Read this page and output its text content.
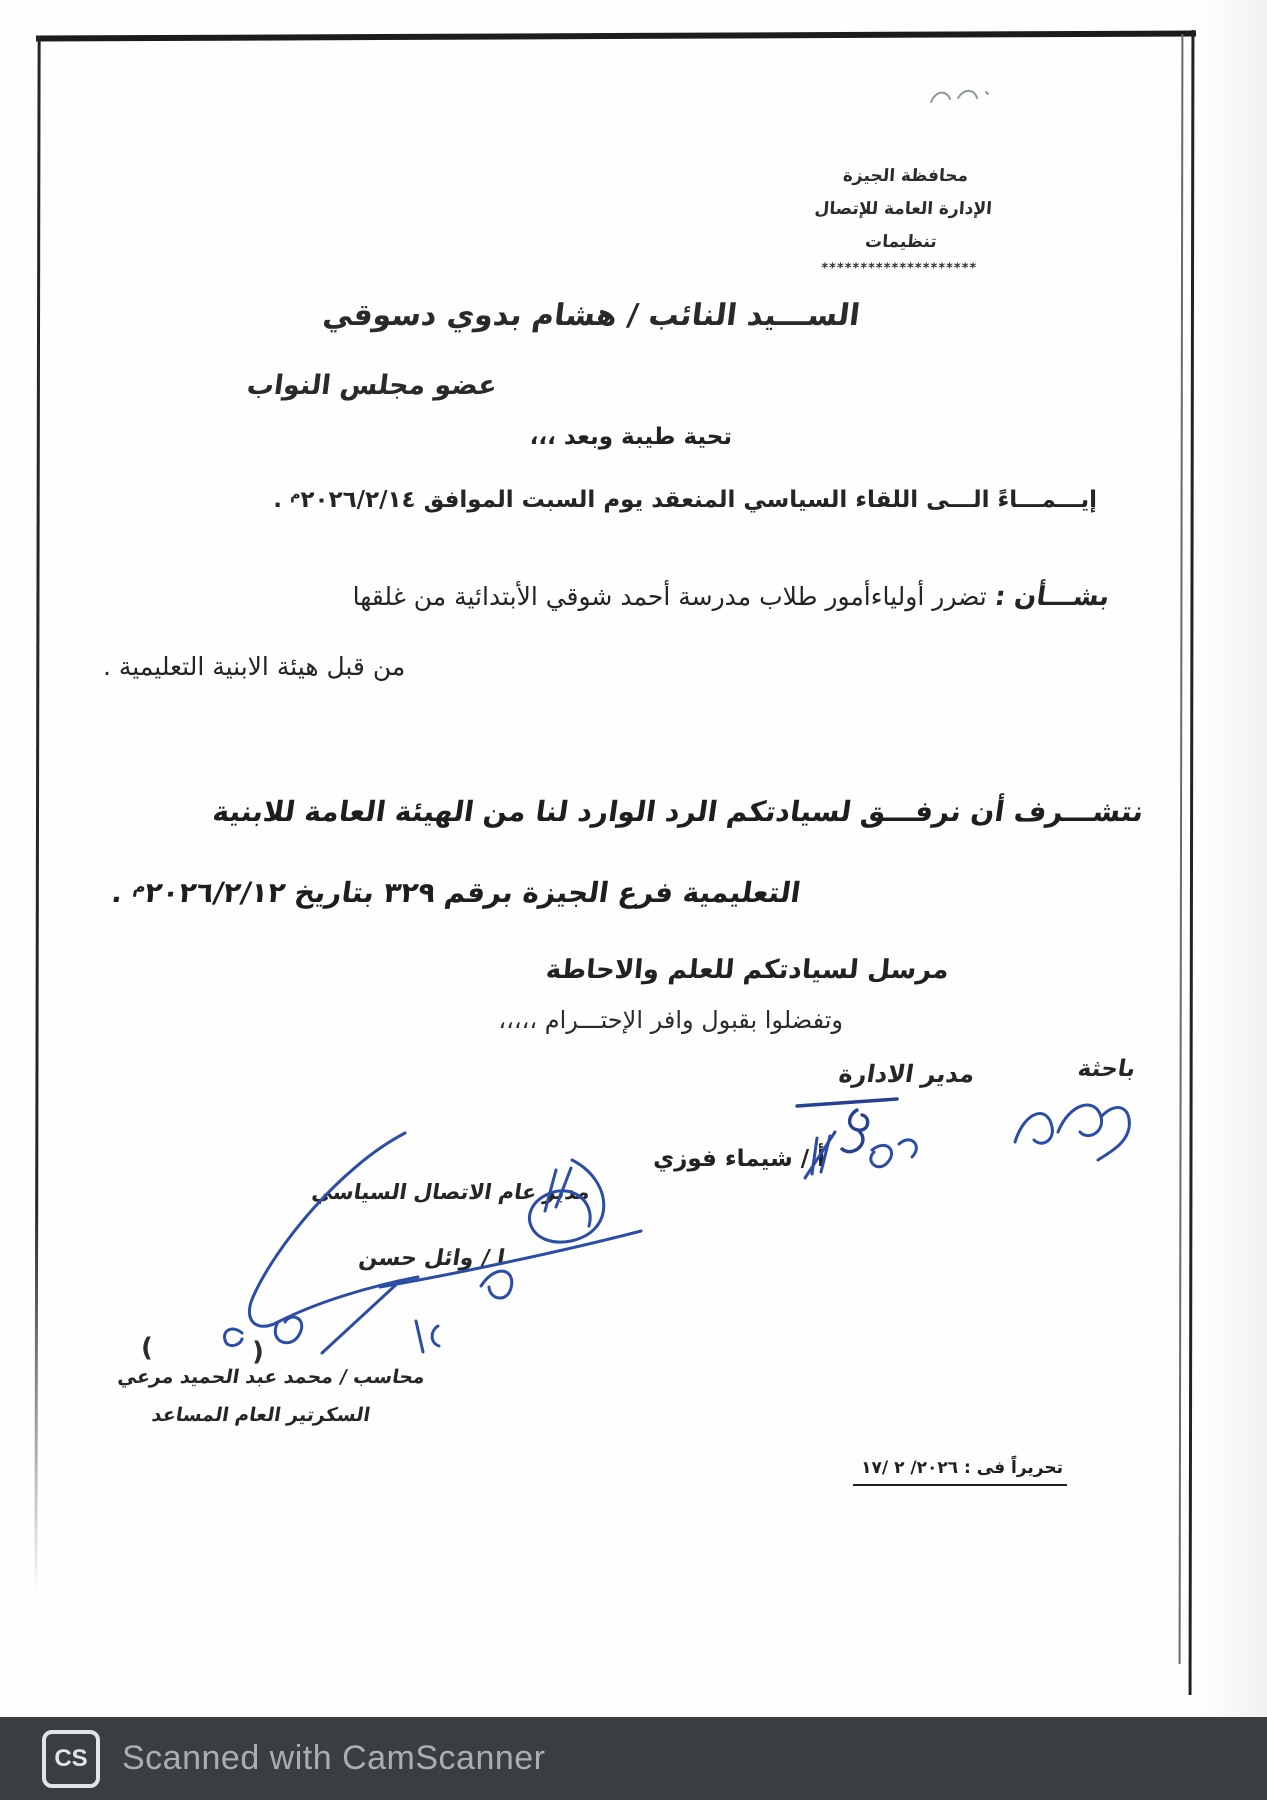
محافظة الجيزة
الإدارة العامة للإتصال
تنظيمات
********************
الســـيد النائب / هشام بدوي دسوقي
عضو مجلس النواب
تحية طيبة وبعد ،،،
إيـــمـــاءً الـــى اللقاء السياسي المنعقد يوم السبت الموافق $٢٠٢٦/٢/١٤^م$ .
بشـــأن : تضرر أولياءأمور طلاب مدرسة أحمد شوقي الأبتدائية من غلقها
من قبل هيئة الابنية التعليمية .
نتشـــرف أن نرفـــق لسيادتكم الرد الوارد لنا من الهيئة العامة للابنية
التعليمية فرع الجيزة برقم ٣٢٩ بتاريخ $٢٠٢٦/٢/١٢^م$ .
مرسل لسيادتكم للعلم والاحاطة
وتفضلوا بقبول وافر الإحتـــرام ،،،،،
باحثة
مدير الادارة
أ / شيماء فوزي
مدير عام الاتصال السياسي
ا / وائل حسن
(	)
محاسب / محمد عبد الحميد مرعي
السكرتير العام المساعد
تحريراً فى : ٢٠٢٦/ ٢ /١٧
CS Scanned with CamScanner
